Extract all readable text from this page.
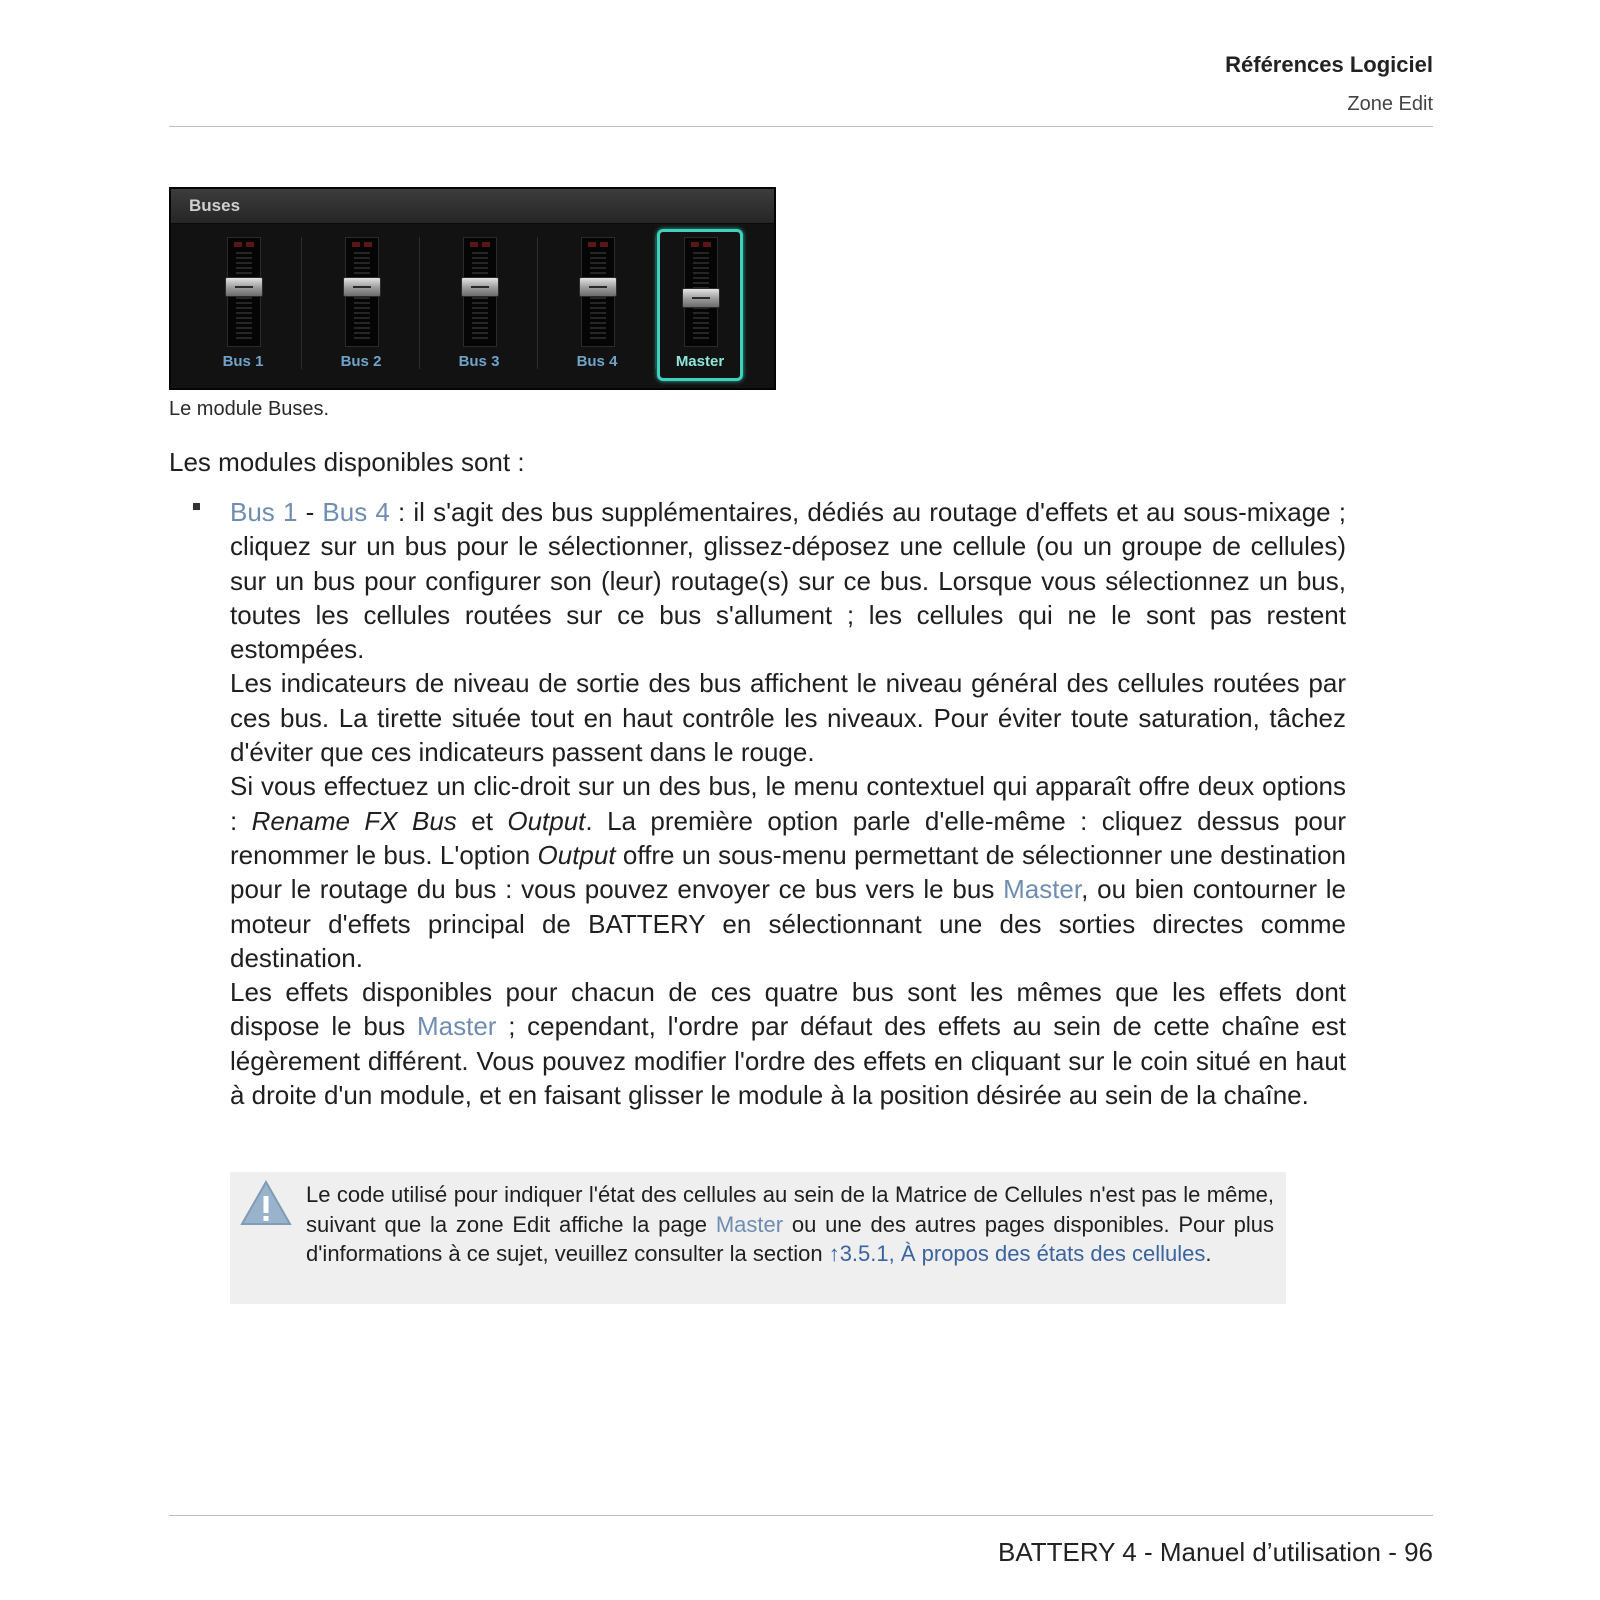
Références Logiciel
Zone Edit
Buses
Bus 1	Bus 2	Bus 3	Bus 4	Master
Le module Buses.
Les modules disponibles sont :

Bus 1 - Bus 4 : il s'agit des bus supplémentaires, dédiés au routage d'effets et au sous-mixage ; cliquez sur un bus pour le sélectionner, glissez-déposez une cellule (ou un groupe de cellules) sur un bus pour configurer son (leur) routage(s) sur ce bus. Lorsque vous sélectionnez un bus, toutes les cellules routées sur ce bus s'allument ; les cellules qui ne le sont pas restent estompées.

Les indicateurs de niveau de sortie des bus affichent le niveau général des cellules routées par ces bus. La tirette située tout en haut contrôle les niveaux. Pour éviter toute saturation, tâchez d'éviter que ces indicateurs passent dans le rouge.

Si vous effectuez un clic-droit sur un des bus, le menu contextuel qui apparaît offre deux options : Rename FX Bus et Output. La première option parle d'elle-même : cliquez dessus pour renommer le bus. L'option Output offre un sous-menu permettant de sélectionner une destination pour le routage du bus : vous pouvez envoyer ce bus vers le bus Master, ou bien contourner le moteur d'effets principal de BATTERY en sélectionnant une des sorties directes comme destination.

Les effets disponibles pour chacun de ces quatre bus sont les mêmes que les effets dont dispose le bus Master ; cependant, l'ordre par défaut des effets au sein de cette chaîne est légèrement différent. Vous pouvez modifier l'ordre des effets en cliquant sur le coin situé en haut à droite d'un module, et en faisant glisser le module à la position désirée au sein de la chaîne.

Le code utilisé pour indiquer l'état des cellules au sein de la Matrice de Cellules n'est pas le même, suivant que la zone Edit affiche la page Master ou une des autres pages disponibles. Pour plus d'informations à ce sujet, veuillez consulter la section ↑3.5.1, À propos des états des cellules.

BATTERY 4 - Manuel d’utilisation - 96
